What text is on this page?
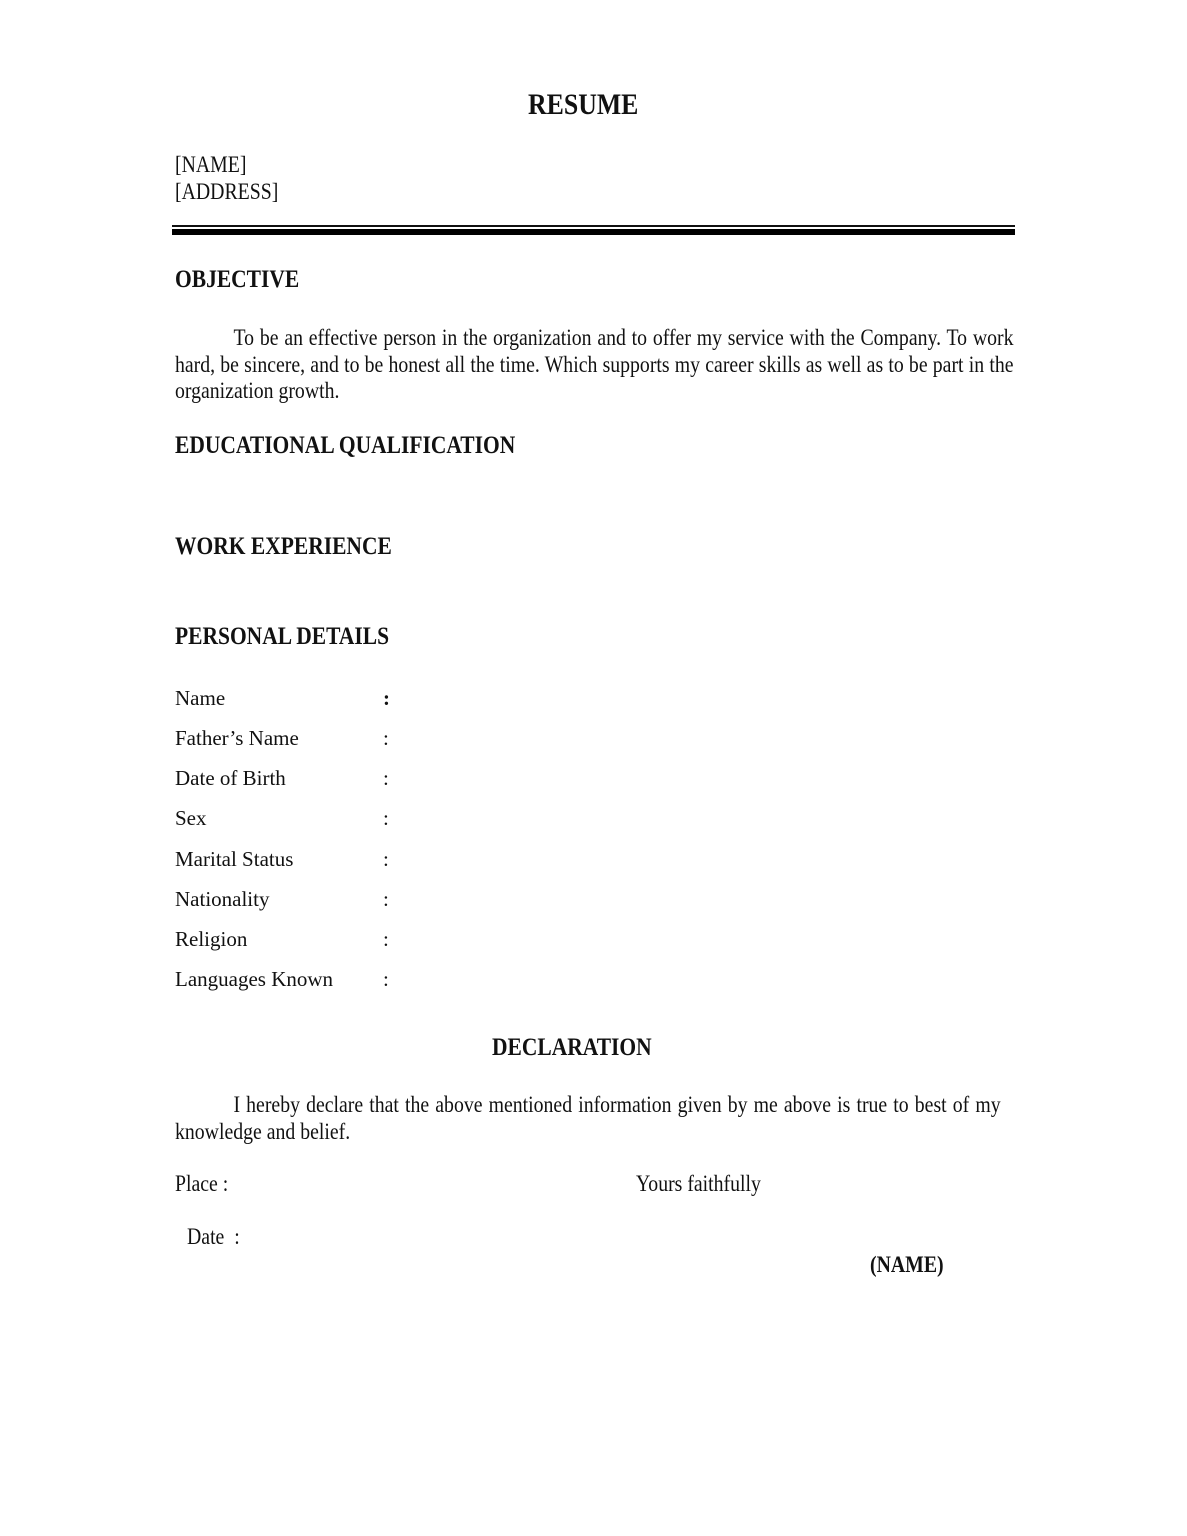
RESUME
[NAME]
[ADDRESS]
OBJECTIVE
To be an effective person in the organization and to offer my service with the Company. To work hard, be sincere, and to be honest all the time. Which supports my career skills as well as to be part in the organization growth.
EDUCATIONAL QUALIFICATION
WORK EXPERIENCE
PERSONAL DETAILS
Name	:
Father’s Name	:
Date of Birth	:
Sex	:
Marital Status	:
Nationality	:
Religion	:
Languages Known :
DECLARATION
I hereby declare that the above mentioned information given by me above is true to best of my knowledge and belief.
Place :

Date  :

Yours faithfully
(NAME)
